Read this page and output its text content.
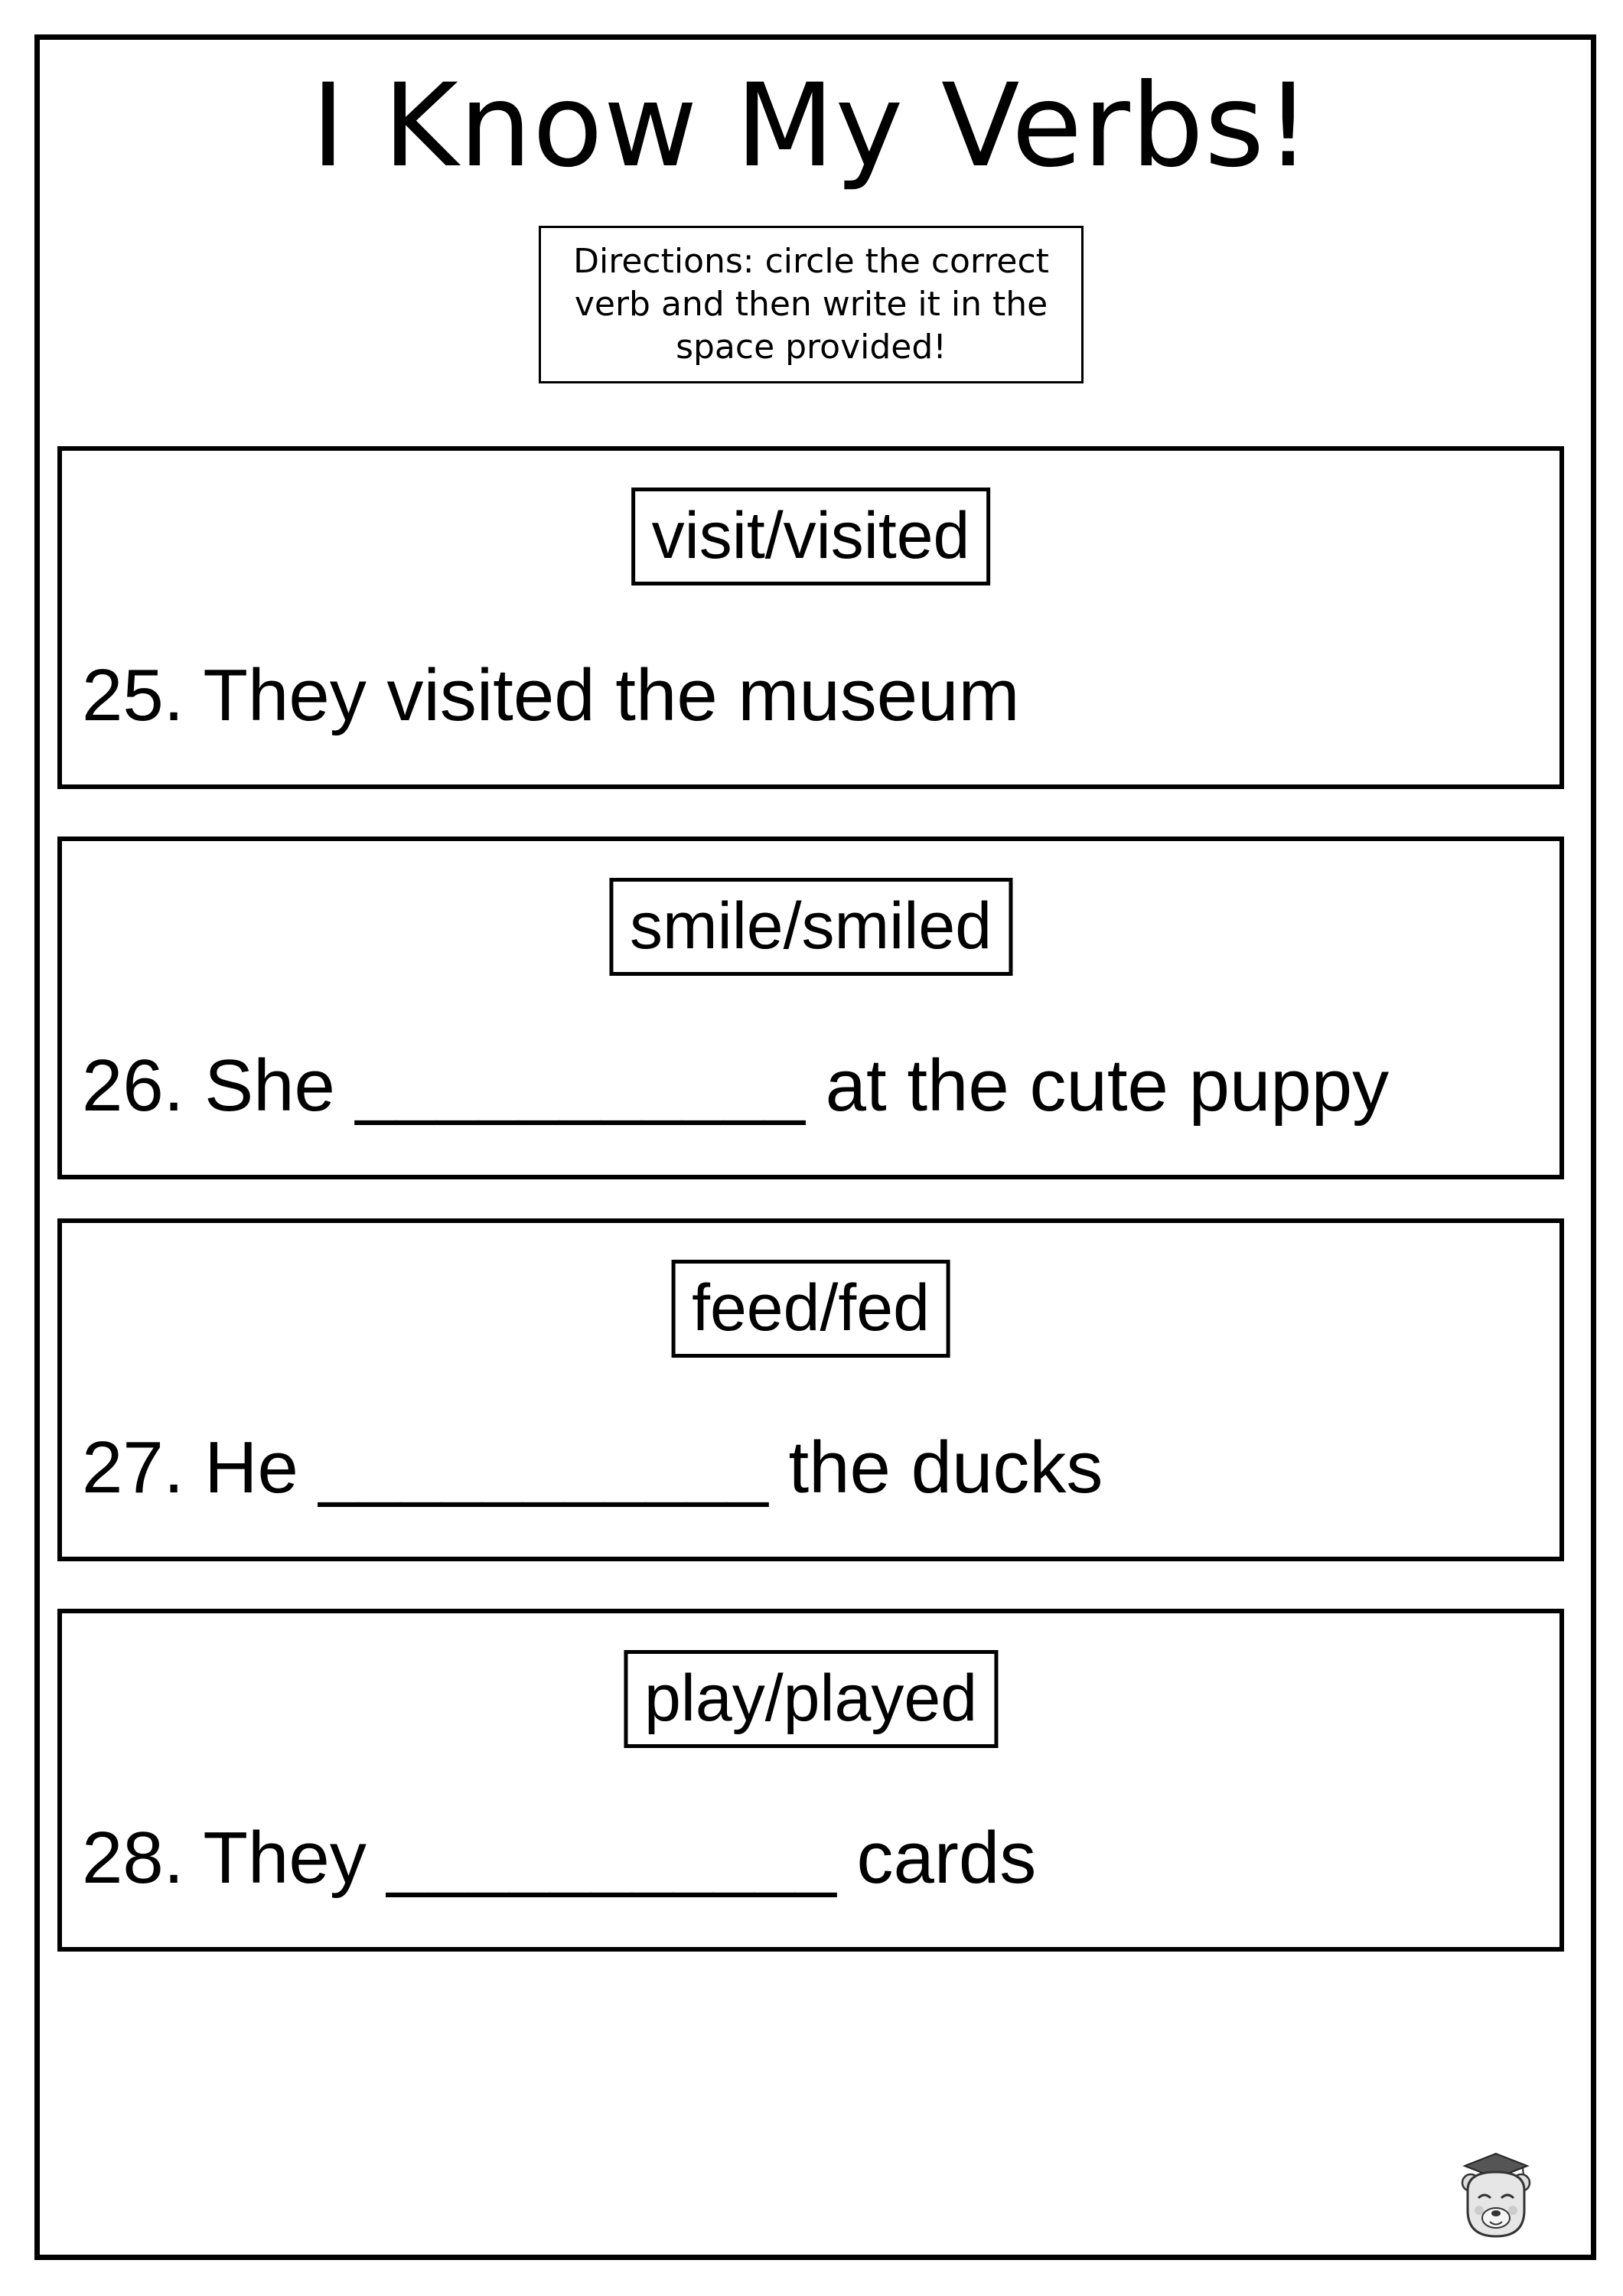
I Know My Verbs!
Directions: circle the correct verb and then write it in the space provided!
visit/visited
25. They visited the museum
smile/smiled
26. She ___________ at the cute puppy
feed/fed
27. He ___________ the ducks
play/played
28. They ___________ cards
